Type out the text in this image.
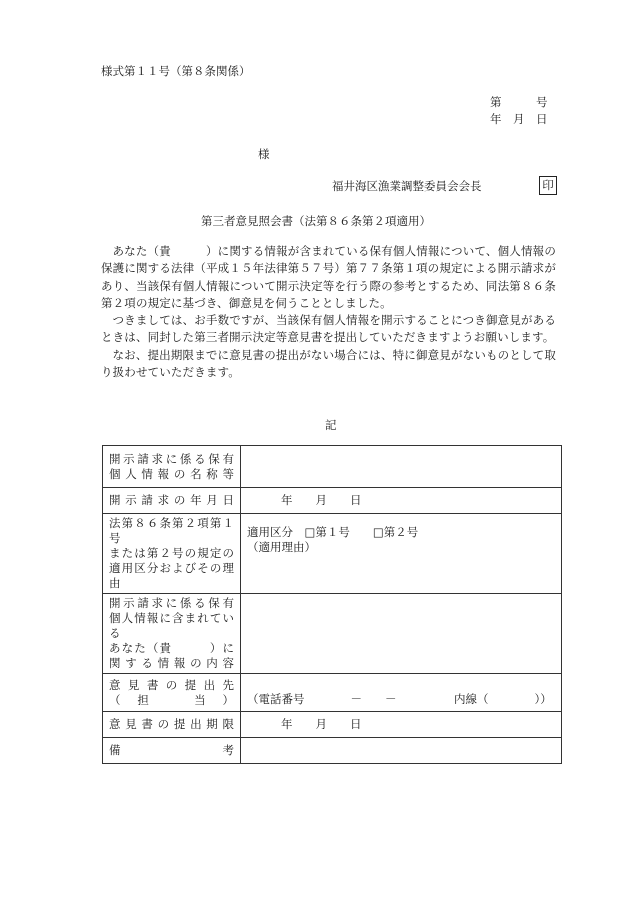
様式第１１号（第８条関係）
第　　　号
年　月　日
様
福井海区漁業調整委員会会長	印
第三者意見照会書（法第８６条第２項適用）

あなた（貴　　　）に関する情報が含まれている保有個人情報について、個人情報の保護に関する法律（平成１５年法律第５７号）第７７条第１項の規定による開示請求があり、当該保有個人情報について開示決定等を行う際の参考とするため、同法第８６条第２項の規定に基づき、御意見を伺うこととしました。

つきましては、お手数ですが、当該保有個人情報を開示することにつき御意見があるときは、同封した第三者開示決定等意見書を提出していただきますようお願いします。

なお、提出期限までに意見書の提出がない場合には、特に御意見がないものとして取り扱わせていただきます。

記
開示請求に係る保有
個人情報の名称等	

開示請求の年月日	年　　月　　日

法第８６条第２項第１号
または第２号の規定の
適用区分およびその理由	適用区分　□第１号　　□第２号
（適用理由）

開示請求に係る保有
個人情報に含まれている
あなた（貴　　　）に
関する情報の内容	

意見書の提出先
（　担　　　当　）	（電話番号　　　　－　　－　　　　　内線（　　　　））
意見書の提出期限	年　　月　　日
備　　　　　　考	
